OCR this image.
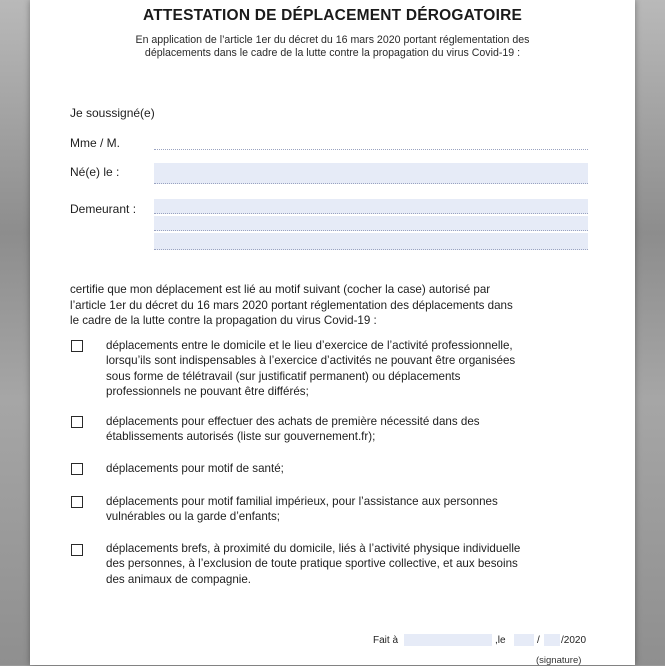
ATTESTATION DE DÉPLACEMENT DÉROGATOIRE
En application de l’article 1er du décret du 16 mars 2020 portant réglementation des
déplacements dans le cadre de la lutte contre la propagation du virus Covid-19 :
Je soussigné(e)
Mme / M.
Né(e) le :
Demeurant :
certifie que mon déplacement est lié au motif suivant (cocher la case) autorisé par
l’article 1er du décret du 16 mars 2020 portant réglementation des déplacements dans
le cadre de la lutte contre la propagation du virus Covid-19 :
déplacements entre le domicile et le lieu d’exercice de l’activité professionnelle,
lorsqu’ils sont indispensables à l’exercice d’activités ne pouvant être organisées
sous forme de télétravail (sur justificatif permanent) ou déplacements
professionnels ne pouvant être différés;
déplacements pour effectuer des achats de première nécessité dans des
établissements autorisés (liste sur gouvernement.fr);
déplacements pour motif de santé;
déplacements pour motif familial impérieux, pour l’assistance aux personnes
vulnérables ou la garde d’enfants;
déplacements brefs, à proximité du domicile, liés à l’activité physique individuelle
des personnes, à l’exclusion de toute pratique sportive collective, et aux besoins
des animaux de compagnie.
Fait à	,le	/ /2020
(signature)
